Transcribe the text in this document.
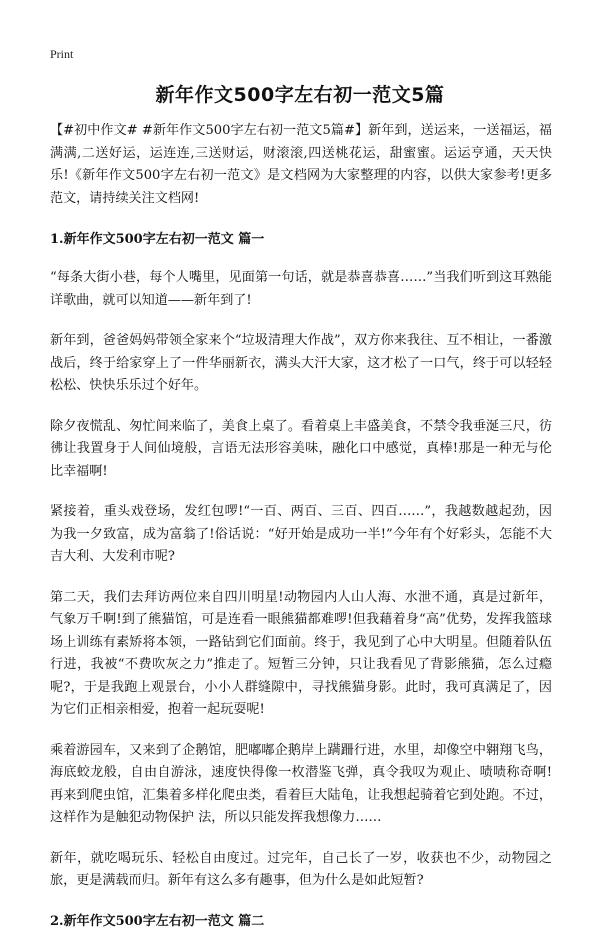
Print
新年作文500字左右初一范文5篇

【#初中作文# #新年作文500字左右初一范文5篇#】新年到，送运来，一送福运，福满满,二送好运，运连连,三送财运，财滚滚,四送桃花运，甜蜜蜜。运运亨通，天天快乐!《新年作文500字左右初一范文》是文档网为大家整理的内容，以供大家参考!更多范文，请持续关注文档网!

1.新年作文500字左右初一范文 篇一

“每条大街小巷，每个人嘴里，见面第一句话，就是恭喜恭喜……”当我们听到这耳熟能详歌曲，就可以知道——新年到了!

新年到，爸爸妈妈带领全家来个“垃圾清理大作战”，双方你来我往、互不相让，一番激战后，终于给家穿上了一件华丽新衣，满头大汗大家，这才松了一口气，终于可以轻轻松松、快快乐乐过个好年。

除夕夜慌乱、匆忙间来临了，美食上桌了。看着桌上丰盛美食，不禁令我垂涎三尺，彷彿让我置身于人间仙境般，言语无法形容美味，融化口中感觉，真棒!那是一种无与伦比幸福啊!

紧接着，重头戏登场，发红包啰!“一百、两百、三百、四百……”，我越数越起劲，因为我一夕致富，成为富翁了!俗话说：“好开始是成功一半!”今年有个好彩头，怎能不大吉大利、大发利市呢?

第二天，我们去拜访两位来自四川明星!动物园内人山人海、水泄不通，真是过新年，气象万千啊!到了熊猫馆，可是连看一眼熊猫都难啰!但我藉着身“高”优势，发挥我篮球场上训练有素矫将本领，一路钻到它们面前。终于，我见到了心中大明星。但随着队伍行进，我被“不费吹灰之力”推走了。短暂三分钟，只让我看见了背影熊猫，怎么过瘾呢?，于是我跑上观景台，小小人群缝隙中，寻找熊猫身影。此时，我可真满足了，因为它们正相亲相爱，抱着一起玩耍呢!

乘着游园车，又来到了企鹅馆，肥嘟嘟企鹅岸上蹒跚行进，水里，却像空中翱翔飞鸟，海底蛟龙般，自由自游泳，速度快得像一枚潜鉴飞弹，真令我叹为观止、啧啧称奇啊!再来到爬虫馆，汇集着多样化爬虫类，看着巨大陆龟，让我想起骑着它到处跑。不过，这样作为是触犯动物保护 法，所以只能发挥我想像力……

新年，就吃喝玩乐、轻松自由度过。过完年，自己长了一岁，收获也不少，动物园之旅，更是满载而归。新年有这么多有趣事，但为什么是如此短暂?

2.新年作文500字左右初一范文 篇二
